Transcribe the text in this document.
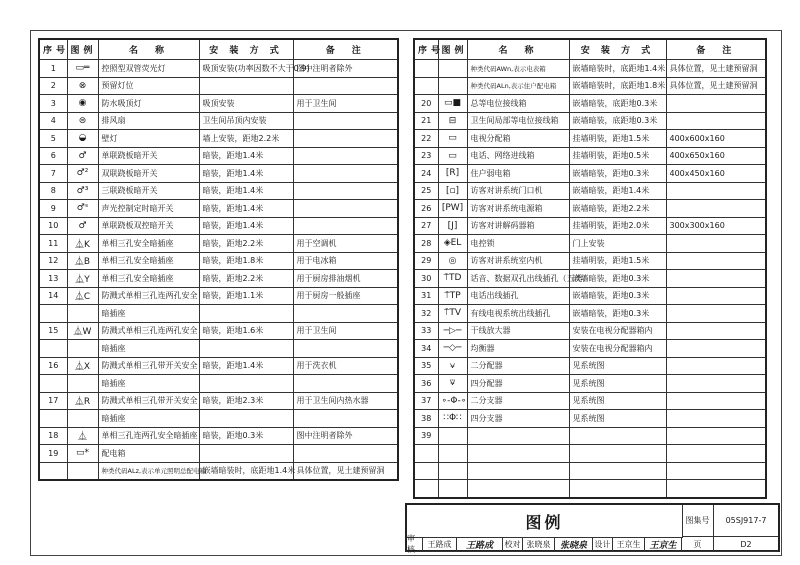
序号	图例	名　称	安 装 方 式	备　注
1	▭═	控照型双管荧光灯	吸顶安装(功率因数不大于0.9)	图中注明者除外
2	⊗	预留灯位		
3	◉	防水吸顶灯	吸顶安装	用于卫生间
4	⊜	排风扇	卫生间吊顶内安装	
5	◒	壁灯	墙上安装，距地2.2米	
6	♂	单联跷板暗开关	暗装，距地1.4米	
7	♂²	双联跷板暗开关	暗装，距地1.4米	
8	♂³	三联跷板暗开关	暗装，距地1.4米	
9	♂ˢ	声光控制定时暗开关	暗装，距地1.4米	
10	♂	单联跷板双控暗开关	暗装，距地1.4米	
11	⏅K	单相三孔安全暗插座	暗装，距地2.2米	用于空调机
12	⏅B	单相三孔安全暗插座	暗装，距地1.8米	用于电冰箱
13	⏅Y	单相三孔安全暗插座	暗装，距地2.2米	用于厨房排油烟机
14	⏅C	防溅式单相三孔连两孔安全	暗装，距地1.1米	用于厨房一般插座
		暗插座		
15	⏅W	防溅式单相三孔连两孔安全	暗装，距地1.6米	用于卫生间
		暗插座		
16	⏅X	防溅式单相三孔带开关安全	暗装，距地1.4米	用于洗衣机
		暗插座		
17	⏅R	防溅式单相三孔带开关安全	暗装，距地2.3米	用于卫生间内热水器
		暗插座		
18	⏅	单相三孔连两孔安全暗插座	暗装，距地0.3米	图中注明者除外
19	▭*	配电箱		
		种类代码ALz,表示单元照明总配电箱	嵌墙暗装时，底距地1.4米	具体位置，见土建预留洞
序号	图例	名　称	安 装 方 式	备　注
		种类代码AWn,表示电表箱	嵌墙暗装时，底距地1.4米	具体位置，见土建预留洞
		种类代码ALn,表示住户配电箱	嵌墙暗装时，底距地1.8米	具体位置，见土建预留洞
20	▭■	总等电位接线箱	嵌墙暗装，底距地0.3米	
21	⊟	卫生间局部等电位接线箱	嵌墙暗装，底距地0.3米	
22	▭	电视分配箱	挂墙明装，距地1.5米	400x600x160
23	▭	电话、网络进线箱	挂墙明装，距地0.5米	400x650x160
24	[R]	住户弱电箱	嵌墙暗装，距地0.3米	400x450x160
25	[▫]	访客对讲系统门口机	嵌墙暗装，距地1.4米	
26	[PW]	访客对讲系统电源箱	嵌墙暗装，距地2.2米	
27	[J]	访客对讲解码器箱	挂墙明装，距地2.0米	300x300x160
28	◈EL	电控锁	门上安装	
29	◎	访客对讲系统室内机	挂墙明装，距地1.5米	
30	⍑TD	话音、数据双孔出线插孔（五类）	嵌墙暗装，距地0.3米	
31	⍑TP	电话出线插孔	嵌墙暗装，距地0.3米	
32	⍑TV	有线电视系统出线插孔	嵌墙暗装，距地0.3米	
33	─▷─	干线放大器	安装在电视分配器箱内	
34	─◇─	均衡器	安装在电视分配器箱内	
35	⍱	二分配器	见系统图	
36	⍱⃛	四分配器	见系统图	
37	∘-Φ-∘	二分支器	见系统图	
38	∷Φ∷	四分支器	见系统图	
39				

图例	图集号	05SJ917-7
审核
王路成	王路成	校对 张晓泉	张晓泉 设计 王京生 王京生	页	D2
